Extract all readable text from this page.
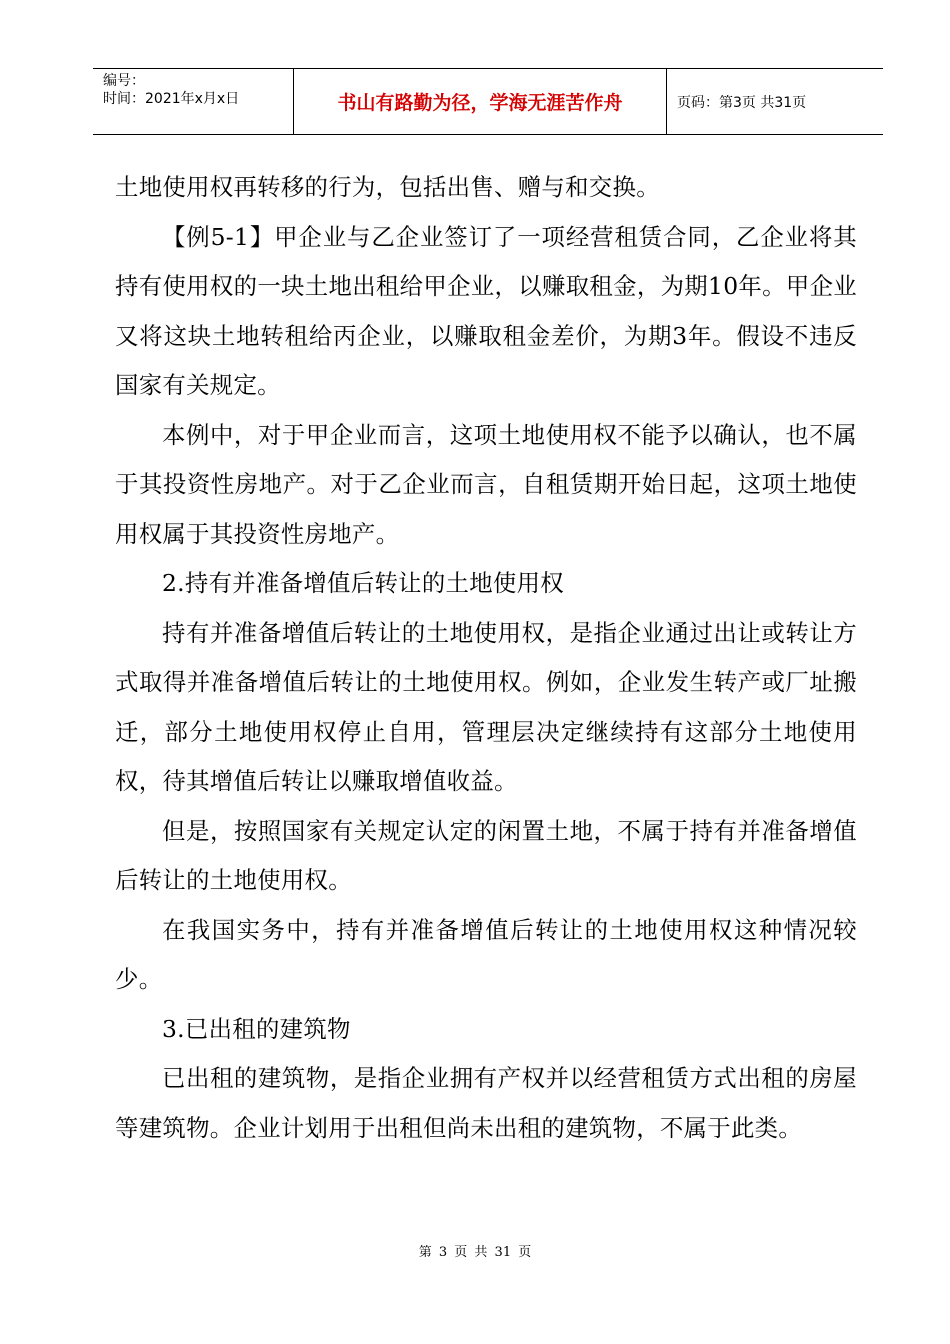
编号：
时间：2021年x月x日	书山有路勤为径，学海无涯苦作舟	页码：第3页 共31页

土地使用权再转移的行为，包括出售、赠与和交换。

【例5-1】甲企业与乙企业签订了一项经营租赁合同，乙企业将其持有使用权的一块土地出租给甲企业，以赚取租金，为期10年。甲企业又将这块土地转租给丙企业，以赚取租金差价，为期3年。假设不违反国家有关规定。

本例中，对于甲企业而言，这项土地使用权不能予以确认，也不属于其投资性房地产。对于乙企业而言，自租赁期开始日起，这项土地使用权属于其投资性房地产。

2.持有并准备增值后转让的土地使用权

持有并准备增值后转让的土地使用权，是指企业通过出让或转让方式取得并准备增值后转让的土地使用权。例如，企业发生转产或厂址搬迁，部分土地使用权停止自用，管理层决定继续持有这部分土地使用权，待其增值后转让以赚取增值收益。

但是，按照国家有关规定认定的闲置土地，不属于持有并准备增值后转让的土地使用权。

在我国实务中，持有并准备增值后转让的土地使用权这种情况较少。

3.已出租的建筑物

已出租的建筑物，是指企业拥有产权并以经营租赁方式出租的房屋等建筑物。企业计划用于出租但尚未出租的建筑物，不属于此类。

第 3 页 共 31 页
